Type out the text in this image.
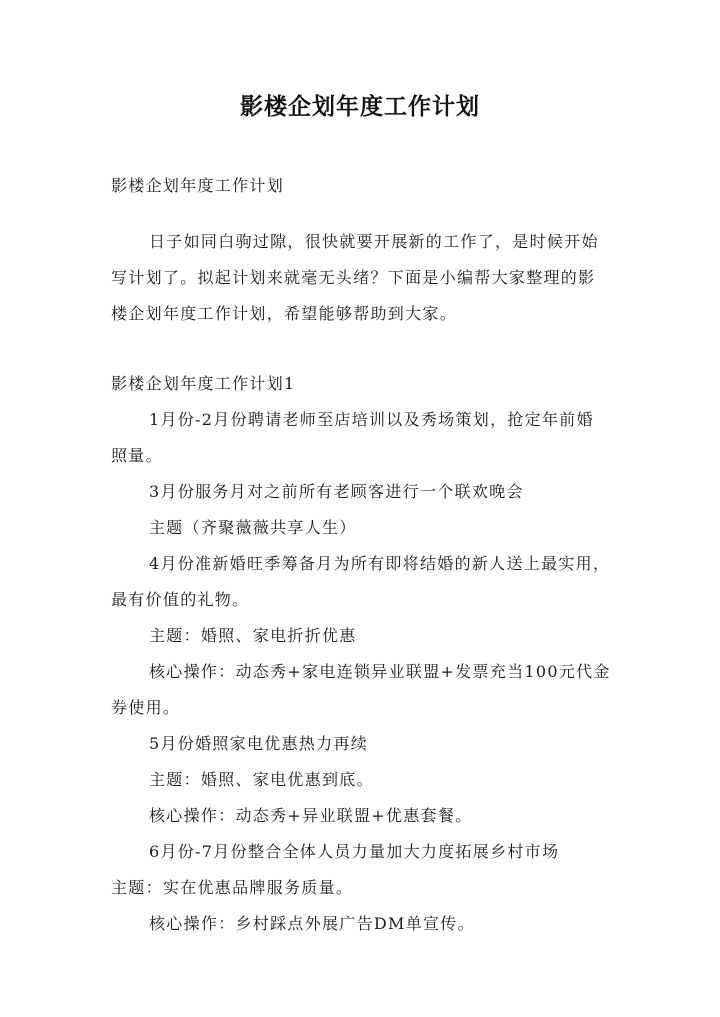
影楼企划年度工作计划

影楼企划年度工作计划

日子如同白驹过隙，很快就要开展新的工作了，是时候开始写计划了。拟起计划来就毫无头绪？下面是小编帮大家整理的影楼企划年度工作计划，希望能够帮助到大家。

影楼企划年度工作计划1

1月份-2月份聘请老师至店培训以及秀场策划，抢定年前婚照量。

3月份服务月对之前所有老顾客进行一个联欢晚会

主题（齐聚薇薇共享人生）

4月份准新婚旺季筹备月为所有即将结婚的新人送上最实用，最有价值的礼物。

主题：婚照、家电折折优惠

核心操作：动态秀+家电连锁异业联盟+发票充当100元代金券使用。

5月份婚照家电优惠热力再续

主题：婚照、家电优惠到底。

核心操作：动态秀+异业联盟+优惠套餐。

6月份-7月份整合全体人员力量加大力度拓展乡村市场

主题：实在优惠品牌服务质量。

核心操作：乡村踩点外展广告DM单宣传。
